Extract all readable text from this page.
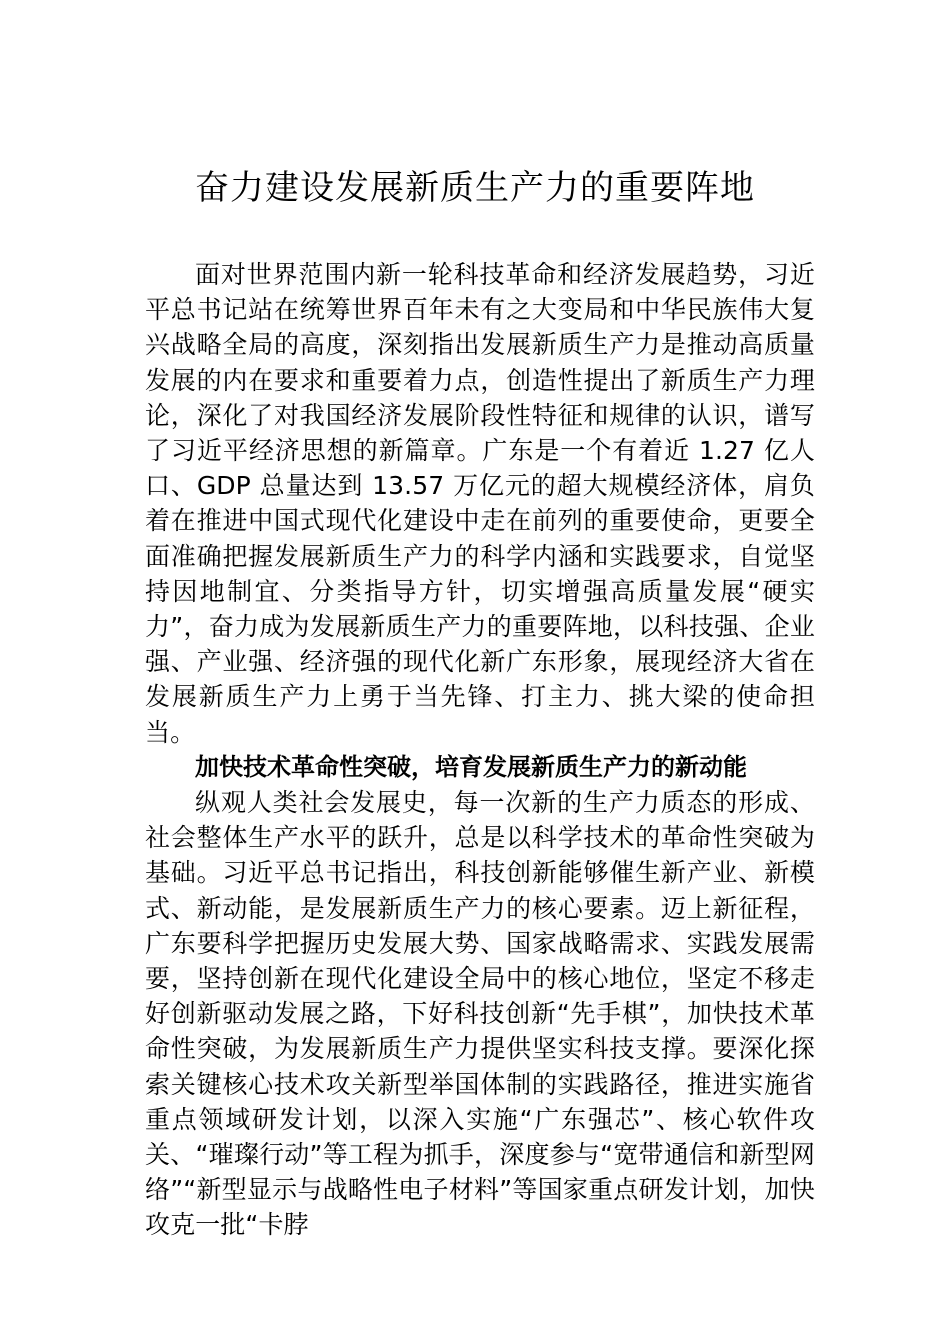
奋力建设发展新质生产力的重要阵地

面对世界范围内新一轮科技革命和经济发展趋势，习近平总书记站在统筹世界百年未有之大变局和中华民族伟大复兴战略全局的高度，深刻指出发展新质生产力是推动高质量发展的内在要求和重要着力点，创造性提出了新质生产力理论，深化了对我国经济发展阶段性特征和规律的认识，谱写了习近平经济思想的新篇章。广东是一个有着近 1.27 亿人口、GDP 总量达到 13.57 万亿元的超大规模经济体，肩负着在推进中国式现代化建设中走在前列的重要使命，更要全面准确把握发展新质生产力的科学内涵和实践要求，自觉坚持因地制宜、分类指导方针，切实增强高质量发展“硬实力”，奋力成为发展新质生产力的重要阵地，以科技强、企业强、产业强、经济强的现代化新广东形象，展现经济大省在发展新质生产力上勇于当先锋、打主力、挑大梁的使命担当。

加快技术革命性突破，培育发展新质生产力的新动能

纵观人类社会发展史，每一次新的生产力质态的形成、社会整体生产水平的跃升，总是以科学技术的革命性突破为基础。习近平总书记指出，科技创新能够催生新产业、新模式、新动能，是发展新质生产力的核心要素。迈上新征程，广东要科学把握历史发展大势、国家战略需求、实践发展需要，坚持创新在现代化建设全局中的核心地位，坚定不移走好创新驱动发展之路，下好科技创新“先手棋”，加快技术革命性突破，为发展新质生产力提供坚实科技支撑。要深化探索关键核心技术攻关新型举国体制的实践路径，推进实施省重点领域研发计划，以深入实施“广东强芯”、核心软件攻关、“璀璨行动”等工程为抓手，深度参与“宽带通信和新型网络”“新型显示与战略性电子材料”等国家重点研发计划，加快攻克一批“卡脖
